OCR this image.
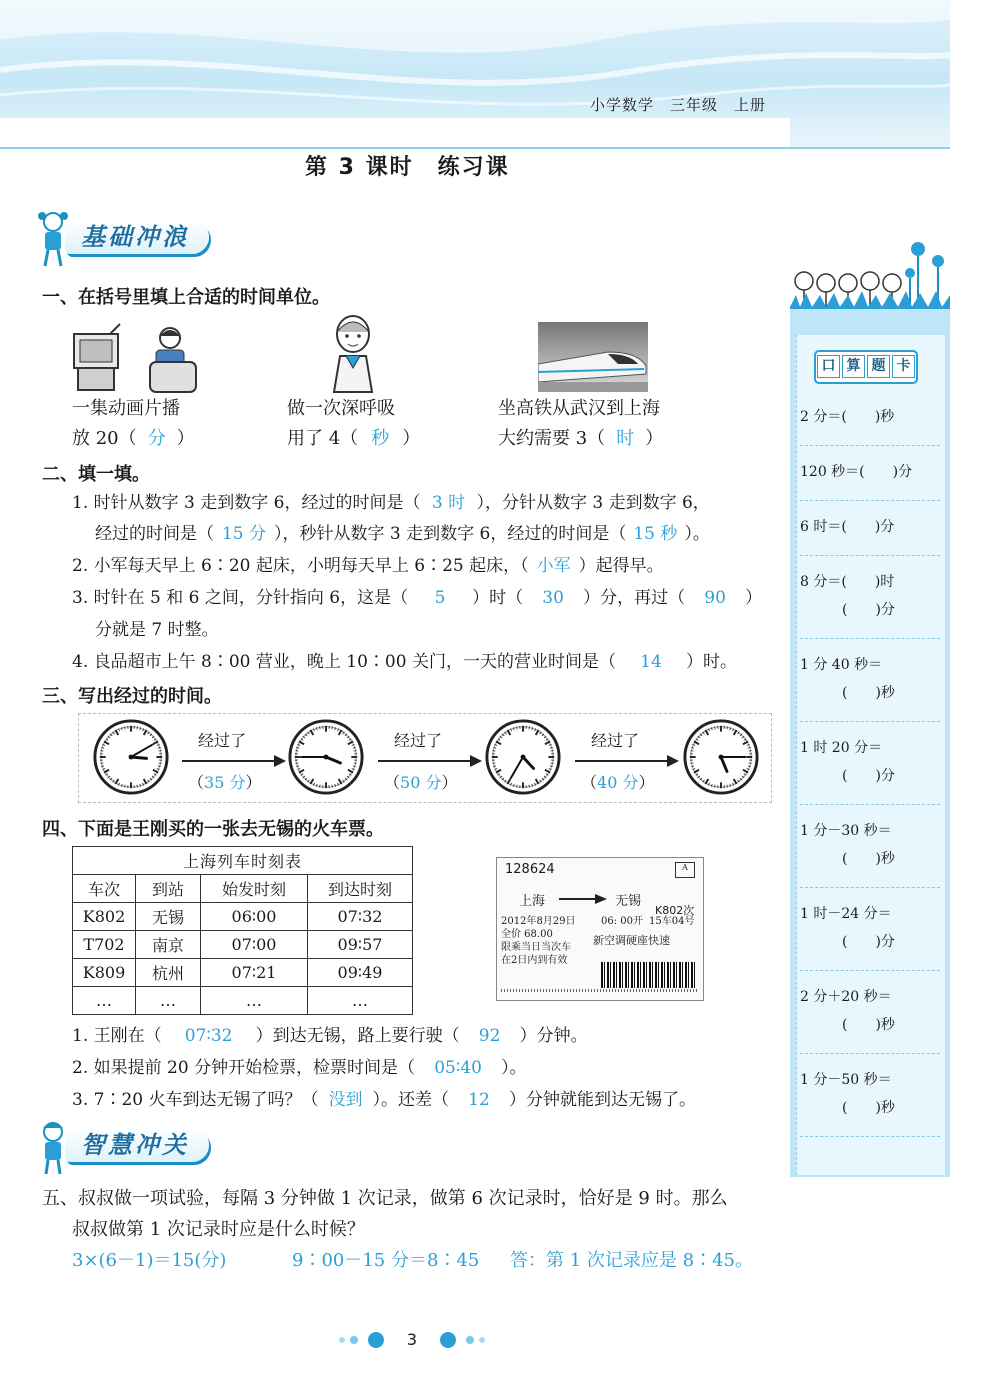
小学数学　三年级　上册
第 3 课时　练习课
基础冲浪
一、在括号里填上合适的时间单位。
一集动画片播
放 20（ 分 ）
做一次深呼吸
用了 4（ 秒 ）
坐高铁从武汉到上海
大约需要 3（ 时 ）
二、填一填。
1. 时针从数字 3 走到数字 6，经过的时间是（ 3 时 ），分针从数字 3 走到数字 6，
经过的时间是（ 15 分 ），秒针从数字 3 走到数字 6，经过的时间是（ 15 秒 ）。
2. 小军每天早上 6∶20 起床，小明每天早上 6∶25 起床，（ 小军 ）起得早。
3. 时针在 5 和 6 之间，分针指向 6，这是（ 5 ）时（ 30 ）分，再过（ 90 ）
分就是 7 时整。
4. 良品超市上午 8∶00 营业，晚上 10∶00 关门，一天的营业时间是（ 14 ）时。
三、写出经过的时间。
经过了
（35 分）
经过了
（50 分）
经过了
（40 分）
四、下面是王刚买的一张去无锡的火车票。
上海列车时刻表			
车次	到站	始发时刻	到达时刻
K802	无锡	06∶00	07∶32
T702	南京	07∶00	09∶57
K809	杭州	07∶21	09∶49
…	…	…	…
128624	A
上海	无锡
K802次
2012年8月29日	06: 00开 15车04号
全价 68.00
限乘当日当次车
新空调硬座快速
在2日内到有效
1. 王刚在（ 07∶32 ）到达无锡，路上要行驶（ 92 ）分钟。
2. 如果提前 20 分钟开始检票，检票时间是（ 05∶40 ）。
3. 7∶20 火车到达无锡了吗？（ 没到 ）。还差（ 12 ）分钟就能到达无锡了。
智慧冲关
五、叔叔做一项试验，每隔 3 分钟做 1 次记录，做第 6 次记录时，恰好是 9 时。那么
叔叔做第 1 次记录时应是什么时候？
3×(6－1)＝15(分)	9∶00－15 分＝8∶45 答：第 1 次记录应是 8∶45。
口 算 题 卡
2 分＝(　　)秒
120 秒＝(　　)分
6 时＝(　　)分
8 分＝(　　)时
(　　)分
1 分 40 秒＝
(　　)秒
1 时 20 分＝
(　　)分
1 分－30 秒＝
(　　)秒
1 时－24 分＝
(　　)分
2 分＋20 秒＝
(　　)秒
1 分－50 秒＝
(　　)秒
3
